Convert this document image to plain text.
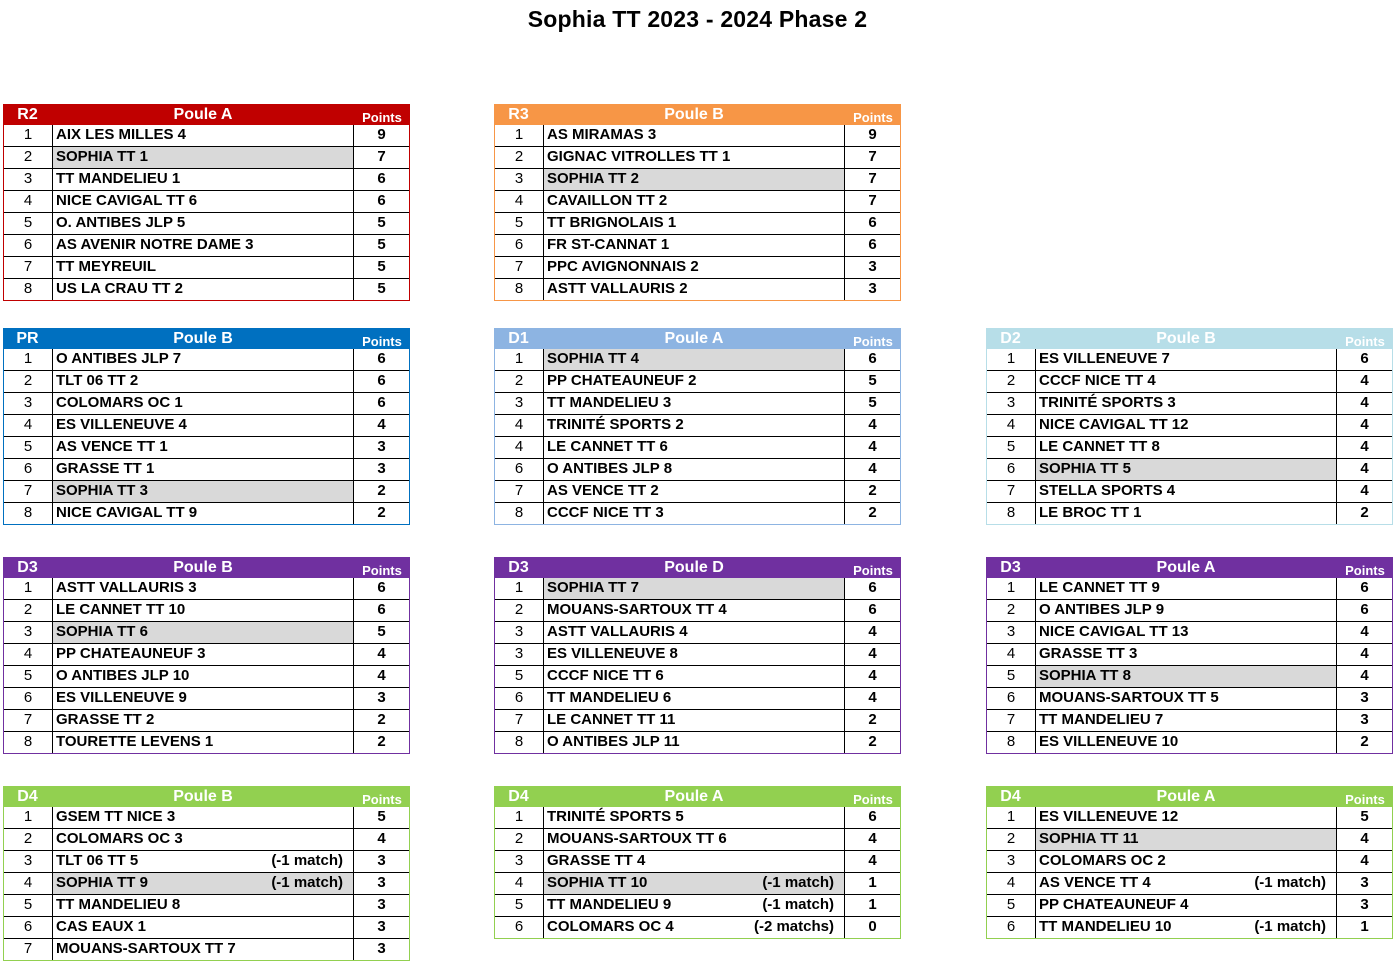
Sophia TT 2023 - 2024 Phase 2
R2	Poule A	Points
1	AIX LES MILLES 4	9
2	SOPHIA TT 1	7
3	TT MANDELIEU 1	6
4	NICE CAVIGAL TT 6	6
5	O. ANTIBES JLP 5	5
6	AS AVENIR NOTRE DAME 3	5
7	TT MEYREUIL	5
8	US LA CRAU TT 2	5
R3	Poule B	Points
1	AS MIRAMAS 3	9
2	GIGNAC VITROLLES TT 1	7
3	SOPHIA TT 2	7
4	CAVAILLON TT 2	7
5	TT BRIGNOLAIS 1	6
6	FR ST-CANNAT 1	6
7	PPC AVIGNONNAIS 2	3
8	ASTT VALLAURIS 2	3
PR	Poule B	Points
1	O ANTIBES JLP 7	6
2	TLT 06 TT 2	6
3	COLOMARS OC 1	6
4	ES VILLENEUVE 4	4
5	AS VENCE TT 1	3
6	GRASSE TT 1	3
7	SOPHIA TT 3	2
8	NICE CAVIGAL TT 9	2
D1	Poule A	Points
1	SOPHIA TT 4	6
2	PP CHATEAUNEUF 2	5
3	TT MANDELIEU 3	5
4	TRINITÉ SPORTS 2	4
4	LE CANNET TT 6	4
6	O ANTIBES JLP 8	4
7	AS VENCE TT 2	2
8	CCCF NICE TT 3	2
D2	Poule B	Points
1	ES VILLENEUVE 7	6
2	CCCF NICE TT 4	4
3	TRINITÉ SPORTS 3	4
4	NICE CAVIGAL TT 12	4
5	LE CANNET TT 8	4
6	SOPHIA TT 5	4
7	STELLA SPORTS 4	4
8	LE BROC TT 1	2
D3	Poule B	Points
1	ASTT VALLAURIS 3	6
2	LE CANNET TT 10	6
3	SOPHIA TT 6	5
4	PP CHATEAUNEUF 3	4
5	O ANTIBES JLP 10	4
6	ES VILLENEUVE 9	3
7	GRASSE TT 2	2
8	TOURETTE LEVENS 1	2
D3	Poule D	Points
1	SOPHIA TT 7	6
2	MOUANS-SARTOUX TT 4	6
3	ASTT VALLAURIS 4	4
3	ES VILLENEUVE 8	4
5	CCCF NICE TT 6	4
6	TT MANDELIEU 6	4
7	LE CANNET TT 11	2
8	O ANTIBES JLP 11	2
D3	Poule A	Points
1	LE CANNET TT 9	6
2	O ANTIBES JLP 9	6
3	NICE CAVIGAL TT 13	4
4	GRASSE TT 3	4
5	SOPHIA TT 8	4
6	MOUANS-SARTOUX TT 5	3
7	TT MANDELIEU 7	3
8	ES VILLENEUVE 10	2
D4	Poule B	Points
1	GSEM TT NICE 3	5
2	COLOMARS OC 3	4
3	TLT 06 TT 5	(-1 match)	3
4	SOPHIA TT 9	(-1 match)	3
5	TT MANDELIEU 8	3
6	CAS EAUX 1	3
7	MOUANS-SARTOUX TT 7	3
D4	Poule A	Points
1	TRINITÉ SPORTS 5	6
2	MOUANS-SARTOUX TT 6	4
3	GRASSE TT 4	4
4	SOPHIA TT 10	(-1 match)	1
5	TT MANDELIEU 9	(-1 match)	1
6	COLOMARS OC 4	(-2 matchs)	0
D4	Poule A	Points
1	ES VILLENEUVE 12	5
2	SOPHIA TT 11	4
3	COLOMARS OC 2	4
4	AS VENCE TT 4	(-1 match)	3
5	PP CHATEAUNEUF 4	3
6	TT MANDELIEU 10	(-1 match)	1
